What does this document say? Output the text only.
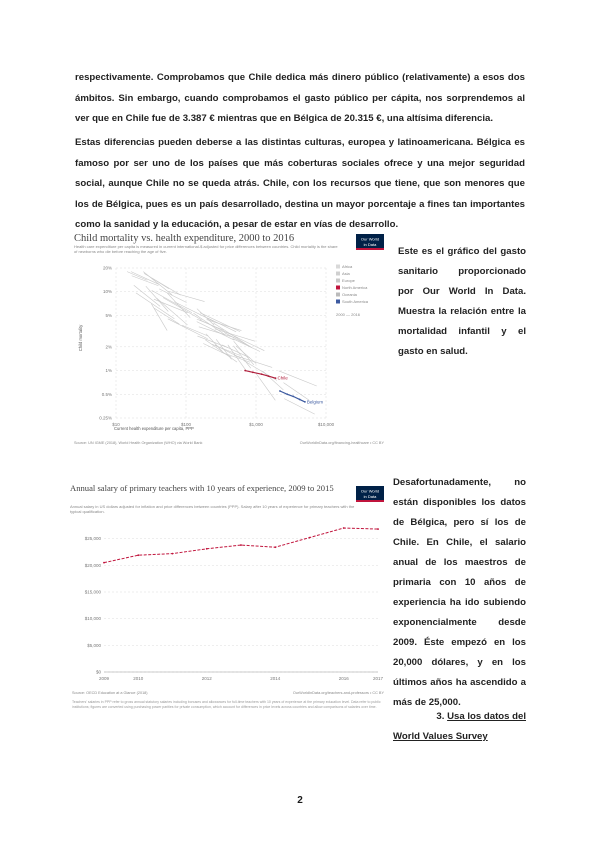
respectivamente. Comprobamos que Chile dedica más dinero público (relativamente) a esos dos ámbitos. Sin embargo, cuando comprobamos el gasto público per cápita, nos sorprendemos al ver que en Chile fue de 3.387 € mientras que en Bélgica de 20.315 €, una altísima diferencia.

Estas diferencias pueden deberse a las distintas culturas, europea y latinoamericana. Bélgica es famoso por ser uno de los países que más coberturas sociales ofrece y una mejor seguridad social, aunque Chile no se queda atrás. Chile, con los recursos que tiene, que son menores que los de Bélgica, pues es un país desarrollado, destina un mayor porcentaje a fines tan importantes como la sanidad y la educación, a pesar de estar en vías de desarrollo.

Child mortality vs. health expenditure, 2000 to 2016
Health care expenditure per capita is measured in current international-$ adjusted for price differences between countries. Child mortality is the share of newborns who die before reaching the age of five.
Our World
in Data
Chile
Belgium
20%
10%
5%
2%
1%
0.5%
0.25%
$10	$100	$1,000	$10,000
Africa
Asia
Europe
North America
Oceania
South America
2000 — 2016
Current health expenditure per capita, PPP
Child mortality
Source: UN IGME (2018), World Health Organization (WHO) via World Bank	OurWorldInData.org/financing-healthcare • CC BY

Este es el gráfico del gasto sanitario proporcionado por Our World In Data. Muestra la relación entre la mortalidad infantil y el gasto en salud.

Annual salary of primary teachers with 10 years of experience, 2009 to 2015
Annual salary in US dollars adjusted for inflation and price differences between countries (PPP). Salary after 10 years of experience for primary teachers with the typical qualification.
Our World
in Data
$0
$5,000
$10,000
$15,000
$20,000
$25,000
2009	2010	2012	2014	2016	2017
Source: OECD Education at a Glance (2018)	OurWorldInData.org/teachers-and-professors • CC BY
Teachers' salaries in PPP refer to gross annual statutory salaries including bonuses and allowances for full-time teachers with 10 years of experience at the primary education level. Data refer to public institutions; figures are converted using purchasing power parities for private consumption, which account for differences in price levels across countries and allow comparisons of salaries over time.

Desafortunadamente, no están disponibles los datos de Bélgica, pero sí los de Chile. En Chile, el salario anual de los maestros de primaria con 10 años de experiencia ha ido subiendo exponencialmente desde 2009. Éste empezó en los 20,000 dólares, y en los últimos años ha ascendido a más de 25,000.

3. Usa los datos del
World Values Survey
2
